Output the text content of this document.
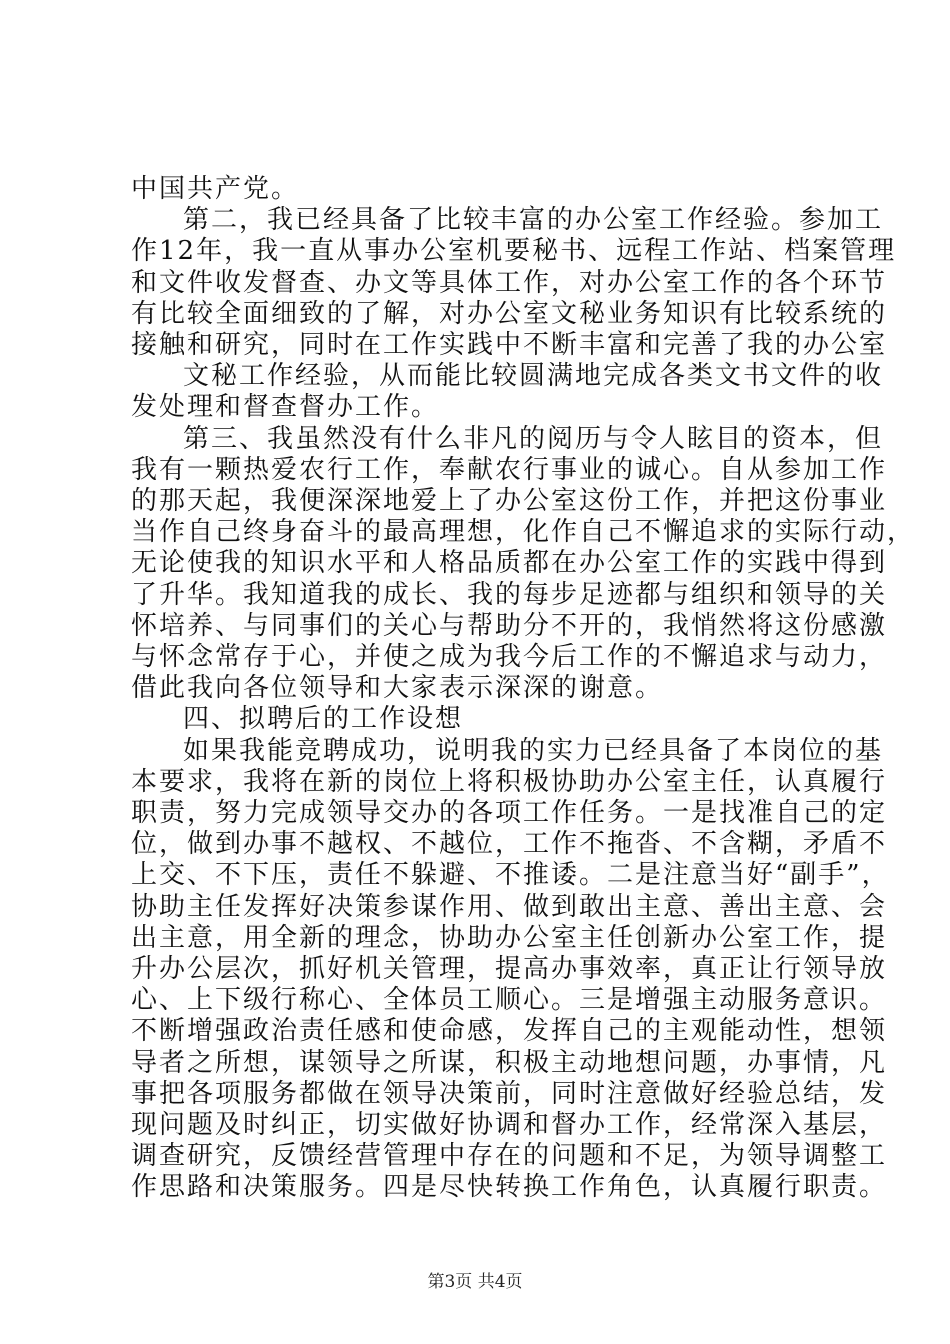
中国共产党。
第二，我已经具备了比较丰富的办公室工作经验。参加工
作12年，我一直从事办公室机要秘书、远程工作站、档案管理
和文件收发督查、办文等具体工作，对办公室工作的各个环节
有比较全面细致的了解，对办公室文秘业务知识有比较系统的
接触和研究，同时在工作实践中不断丰富和完善了我的办公室
文秘工作经验，从而能比较圆满地完成各类文书文件的收
发处理和督查督办工作。
第三、我虽然没有什么非凡的阅历与令人眩目的资本，但
我有一颗热爱农行工作，奉献农行事业的诚心。自从参加工作
的那天起，我便深深地爱上了办公室这份工作，并把这份事业
当作自己终身奋斗的最高理想，化作自己不懈追求的实际行动，
无论使我的知识水平和人格品质都在办公室工作的实践中得到
了升华。我知道我的成长、我的每步足迹都与组织和领导的关
怀培养、与同事们的关心与帮助分不开的，我悄然将这份感激
与怀念常存于心，并使之成为我今后工作的不懈追求与动力，
借此我向各位领导和大家表示深深的谢意。
四、拟聘后的工作设想
如果我能竞聘成功，说明我的实力已经具备了本岗位的基
本要求，我将在新的岗位上将积极协助办公室主任，认真履行
职责，努力完成领导交办的各项工作任务。一是找准自己的定
位，做到办事不越权、不越位，工作不拖沓、不含糊，矛盾不
上交、不下压，责任不躲避、不推诿。二是注意当好“副手”，
协助主任发挥好决策参谋作用、做到敢出主意、善出主意、会
出主意，用全新的理念，协助办公室主任创新办公室工作，提
升办公层次，抓好机关管理，提高办事效率，真正让行领导放
心、上下级行称心、全体员工顺心。三是增强主动服务意识。
不断增强政治责任感和使命感，发挥自己的主观能动性，想领
导者之所想，谋领导之所谋，积极主动地想问题，办事情，凡
事把各项服务都做在领导决策前，同时注意做好经验总结，发
现问题及时纠正，切实做好协调和督办工作，经常深入基层，
调查研究，反馈经营管理中存在的问题和不足，为领导调整工
第3页 共4页
作思路和决策服务。四是尽快转换工作角色，认真履行职责。
